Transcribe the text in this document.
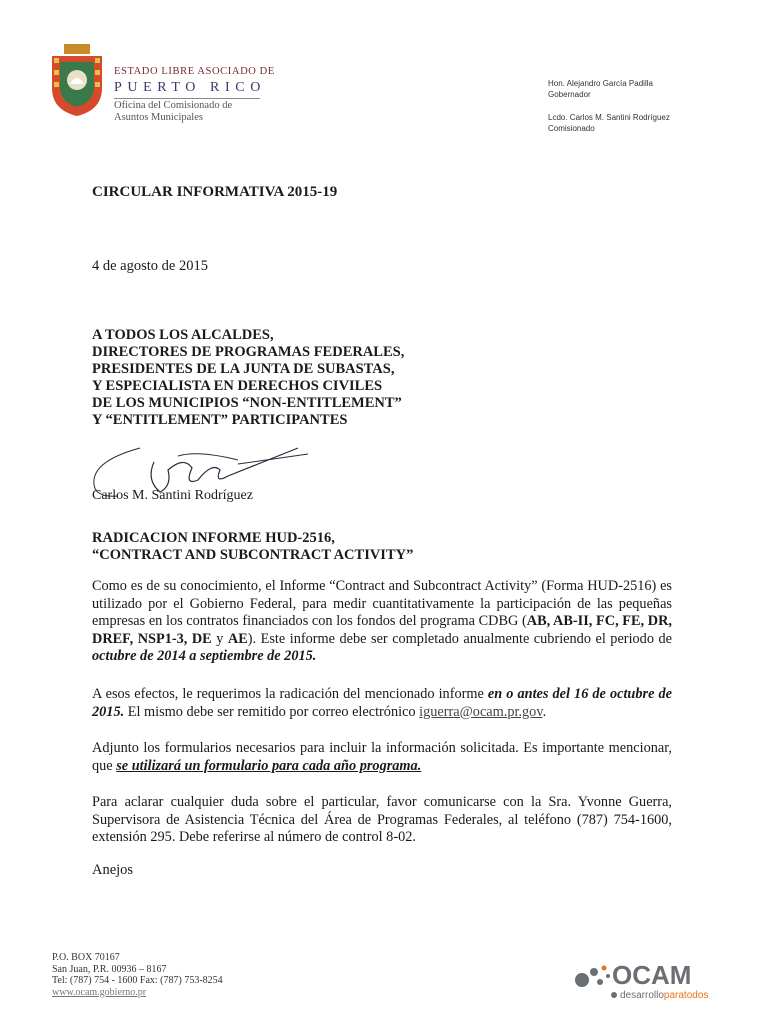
ESTADO LIBRE ASOCIADO DE
PUERTO RICO
Oficina del Comisionado de
Asuntos Municipales
Hon. Alejandro García Padilla
Gobernador
Lcdo. Carlos M. Santini Rodríguez
Comisionado
CIRCULAR INFORMATIVA 2015-19
4 de agosto de 2015
A TODOS LOS ALCALDES,
DIRECTORES DE PROGRAMAS FEDERALES,
PRESIDENTES DE LA JUNTA DE SUBASTAS,
Y ESPECIALISTA EN DERECHOS CIVILES
DE LOS MUNICIPIOS “NON-ENTITLEMENT”
Y “ENTITLEMENT” PARTICIPANTES
Carlos M. Santini Rodríguez
RADICACION INFORME HUD-2516,
“CONTRACT AND SUBCONTRACT ACTIVITY”
Como es de su conocimiento, el Informe “Contract and Subcontract Activity” (Forma HUD-2516) es utilizado por el Gobierno Federal, para medir cuantitativamente la participación de las pequeñas empresas en los contratos financiados con los fondos del programa CDBG (AB, AB-II, FC, FE, DR, DREF, NSP1-3, DE y AE). Este informe debe ser completado anualmente cubriendo el periodo de octubre de 2014 a septiembre de 2015.
A esos efectos, le requerimos la radicación del mencionado informe en o antes del 16 de octubre de 2015. El mismo debe ser remitido por correo electrónico iguerra@ocam.pr.gov.
Adjunto los formularios necesarios para incluir la información solicitada. Es importante mencionar, que se utilizará un formulario para cada año programa.
Para aclarar cualquier duda sobre el particular, favor comunicarse con la Sra. Yvonne Guerra, Supervisora de Asistencia Técnica del Área de Programas Federales, al teléfono (787) 754-1600, extensión 295. Debe referirse al número de control 8-02.
Anejos
P.O. BOX 70167
San Juan, P.R. 00936 – 8167
Tel: (787) 754 - 1600 Fax: (787) 753-8254
www.ocam.gobierno.pr
OCAM
desarrolloparatodos
